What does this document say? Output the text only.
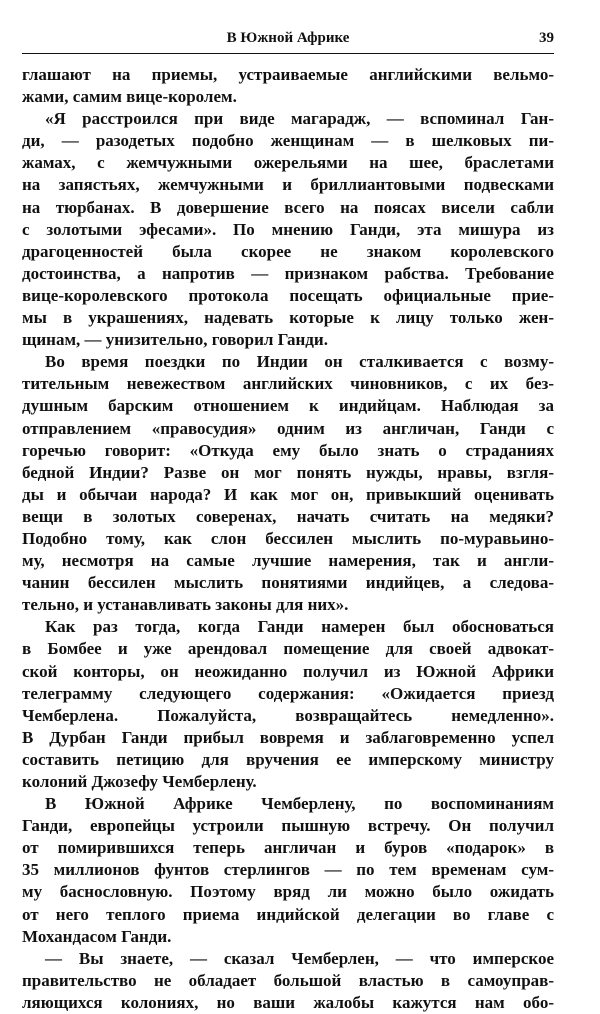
В Южной Африке	39
глашают на приемы, устраиваемые английскими вельмо-
жами, самим вице-королем.
«Я расстроился при виде магарадж, — вспоминал Ган-
ди, — разодетых подобно женщинам — в шелковых пи-
жамах, с жемчужными ожерельями на шее, браслетами
на запястьях, жемчужными и бриллиантовыми подвесками
на тюрбанах. В довершение всего на поясах висели сабли
с золотыми эфесами». По мнению Ганди, эта мишура из
драгоценностей была скорее не знаком королевского
достоинства, а напротив — признаком рабства. Требование
вице-королевского протокола посещать официальные прие-
мы в украшениях, надевать которые к лицу только жен-
щинам, — унизительно, говорил Ганди.
Во время поездки по Индии он сталкивается с возму-
тительным невежеством английских чиновников, с их без-
душным барским отношением к индийцам. Наблюдая за
отправлением «правосудия» одним из англичан, Ганди с
горечью говорит: «Откуда ему было знать о страданиях
бедной Индии? Разве он мог понять нужды, нравы, взгля-
ды и обычаи народа? И как мог он, привыкший оценивать
вещи в золотых соверенах, начать считать на медяки?
Подобно тому, как слон бессилен мыслить по-муравьино-
му, несмотря на самые лучшие намерения, так и англи-
чанин бессилен мыслить понятиями индийцев, а следова-
тельно, и устанавливать законы для них».
Как раз тогда, когда Ганди намерен был обосноваться
в Бомбее и уже арендовал помещение для своей адвокат-
ской конторы, он неожиданно получил из Южной Африки
телеграмму следующего содержания: «Ожидается приезд
Чемберлена. Пожалуйста, возвращайтесь немедленно».
В Дурбан Ганди прибыл вовремя и заблаговременно успел
составить петицию для вручения ее имперскому министру
колоний Джозефу Чемберлену.
В Южной Африке Чемберлену, по воспоминаниям
Ганди, европейцы устроили пышную встречу. Он получил
от помирившихся теперь англичан и буров «подарок» в
35 миллионов фунтов стерлингов — по тем временам сум-
му баснословную. Поэтому вряд ли можно было ожидать
от него теплого приема индийской делегации во главе с
Мохандасом Ганди.
— Вы знаете, — сказал Чемберлен, — что имперское
правительство не обладает большой властью в самоуправ-
ляющихся колониях, но ваши жалобы кажутся нам обо-
